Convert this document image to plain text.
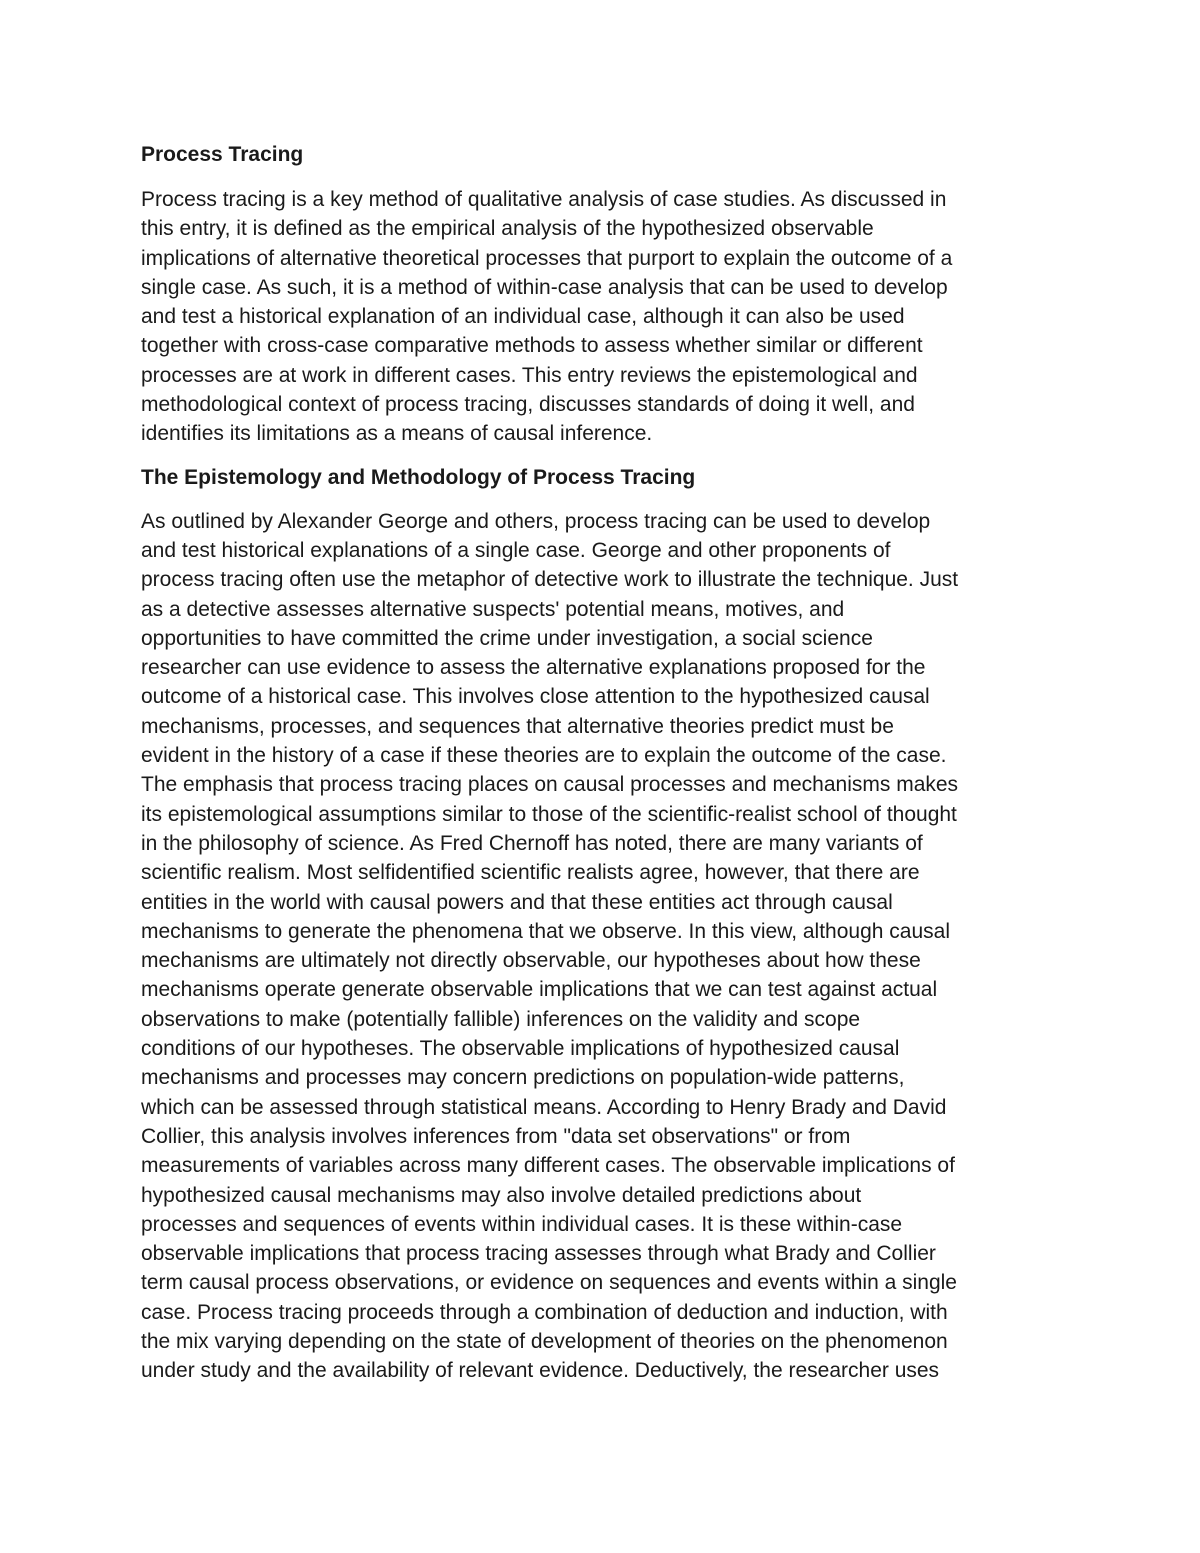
Process Tracing

Process tracing is a key method of qualitative analysis of case studies. As discussed in
this entry, it is defined as the empirical analysis of the hypothesized observable
implications of alternative theoretical processes that purport to explain the outcome of a
single case. As such, it is a method of within-case analysis that can be used to develop
and test a historical explanation of an individual case, although it can also be used
together with cross-case comparative methods to assess whether similar or different
processes are at work in different cases. This entry reviews the epistemological and
methodological context of process tracing, discusses standards of doing it well, and
identifies its limitations as a means of causal inference.

The Epistemology and Methodology of Process Tracing

As outlined by Alexander George and others, process tracing can be used to develop
and test historical explanations of a single case. George and other proponents of
process tracing often use the metaphor of detective work to illustrate the technique. Just
as a detective assesses alternative suspects' potential means, motives, and
opportunities to have committed the crime under investigation, a social science
researcher can use evidence to assess the alternative explanations proposed for the
outcome of a historical case. This involves close attention to the hypothesized causal
mechanisms, processes, and sequences that alternative theories predict must be
evident in the history of a case if these theories are to explain the outcome of the case.
The emphasis that process tracing places on causal processes and mechanisms makes
its epistemological assumptions similar to those of the scientific-realist school of thought
in the philosophy of science. As Fred Chernoff has noted, there are many variants of
scientific realism. Most selfidentified scientific realists agree, however, that there are
entities in the world with causal powers and that these entities act through causal
mechanisms to generate the phenomena that we observe. In this view, although causal
mechanisms are ultimately not directly observable, our hypotheses about how these
mechanisms operate generate observable implications that we can test against actual
observations to make (potentially fallible) inferences on the validity and scope
conditions of our hypotheses. The observable implications of hypothesized causal
mechanisms and processes may concern predictions on population-wide patterns,
which can be assessed through statistical means. According to Henry Brady and David
Collier, this analysis involves inferences from "data set observations" or from
measurements of variables across many different cases. The observable implications of
hypothesized causal mechanisms may also involve detailed predictions about
processes and sequences of events within individual cases. It is these within-case
observable implications that process tracing assesses through what Brady and Collier
term causal process observations, or evidence on sequences and events within a single
case. Process tracing proceeds through a combination of deduction and induction, with
the mix varying depending on the state of development of theories on the phenomenon
under study and the availability of relevant evidence. Deductively, the researcher uses
